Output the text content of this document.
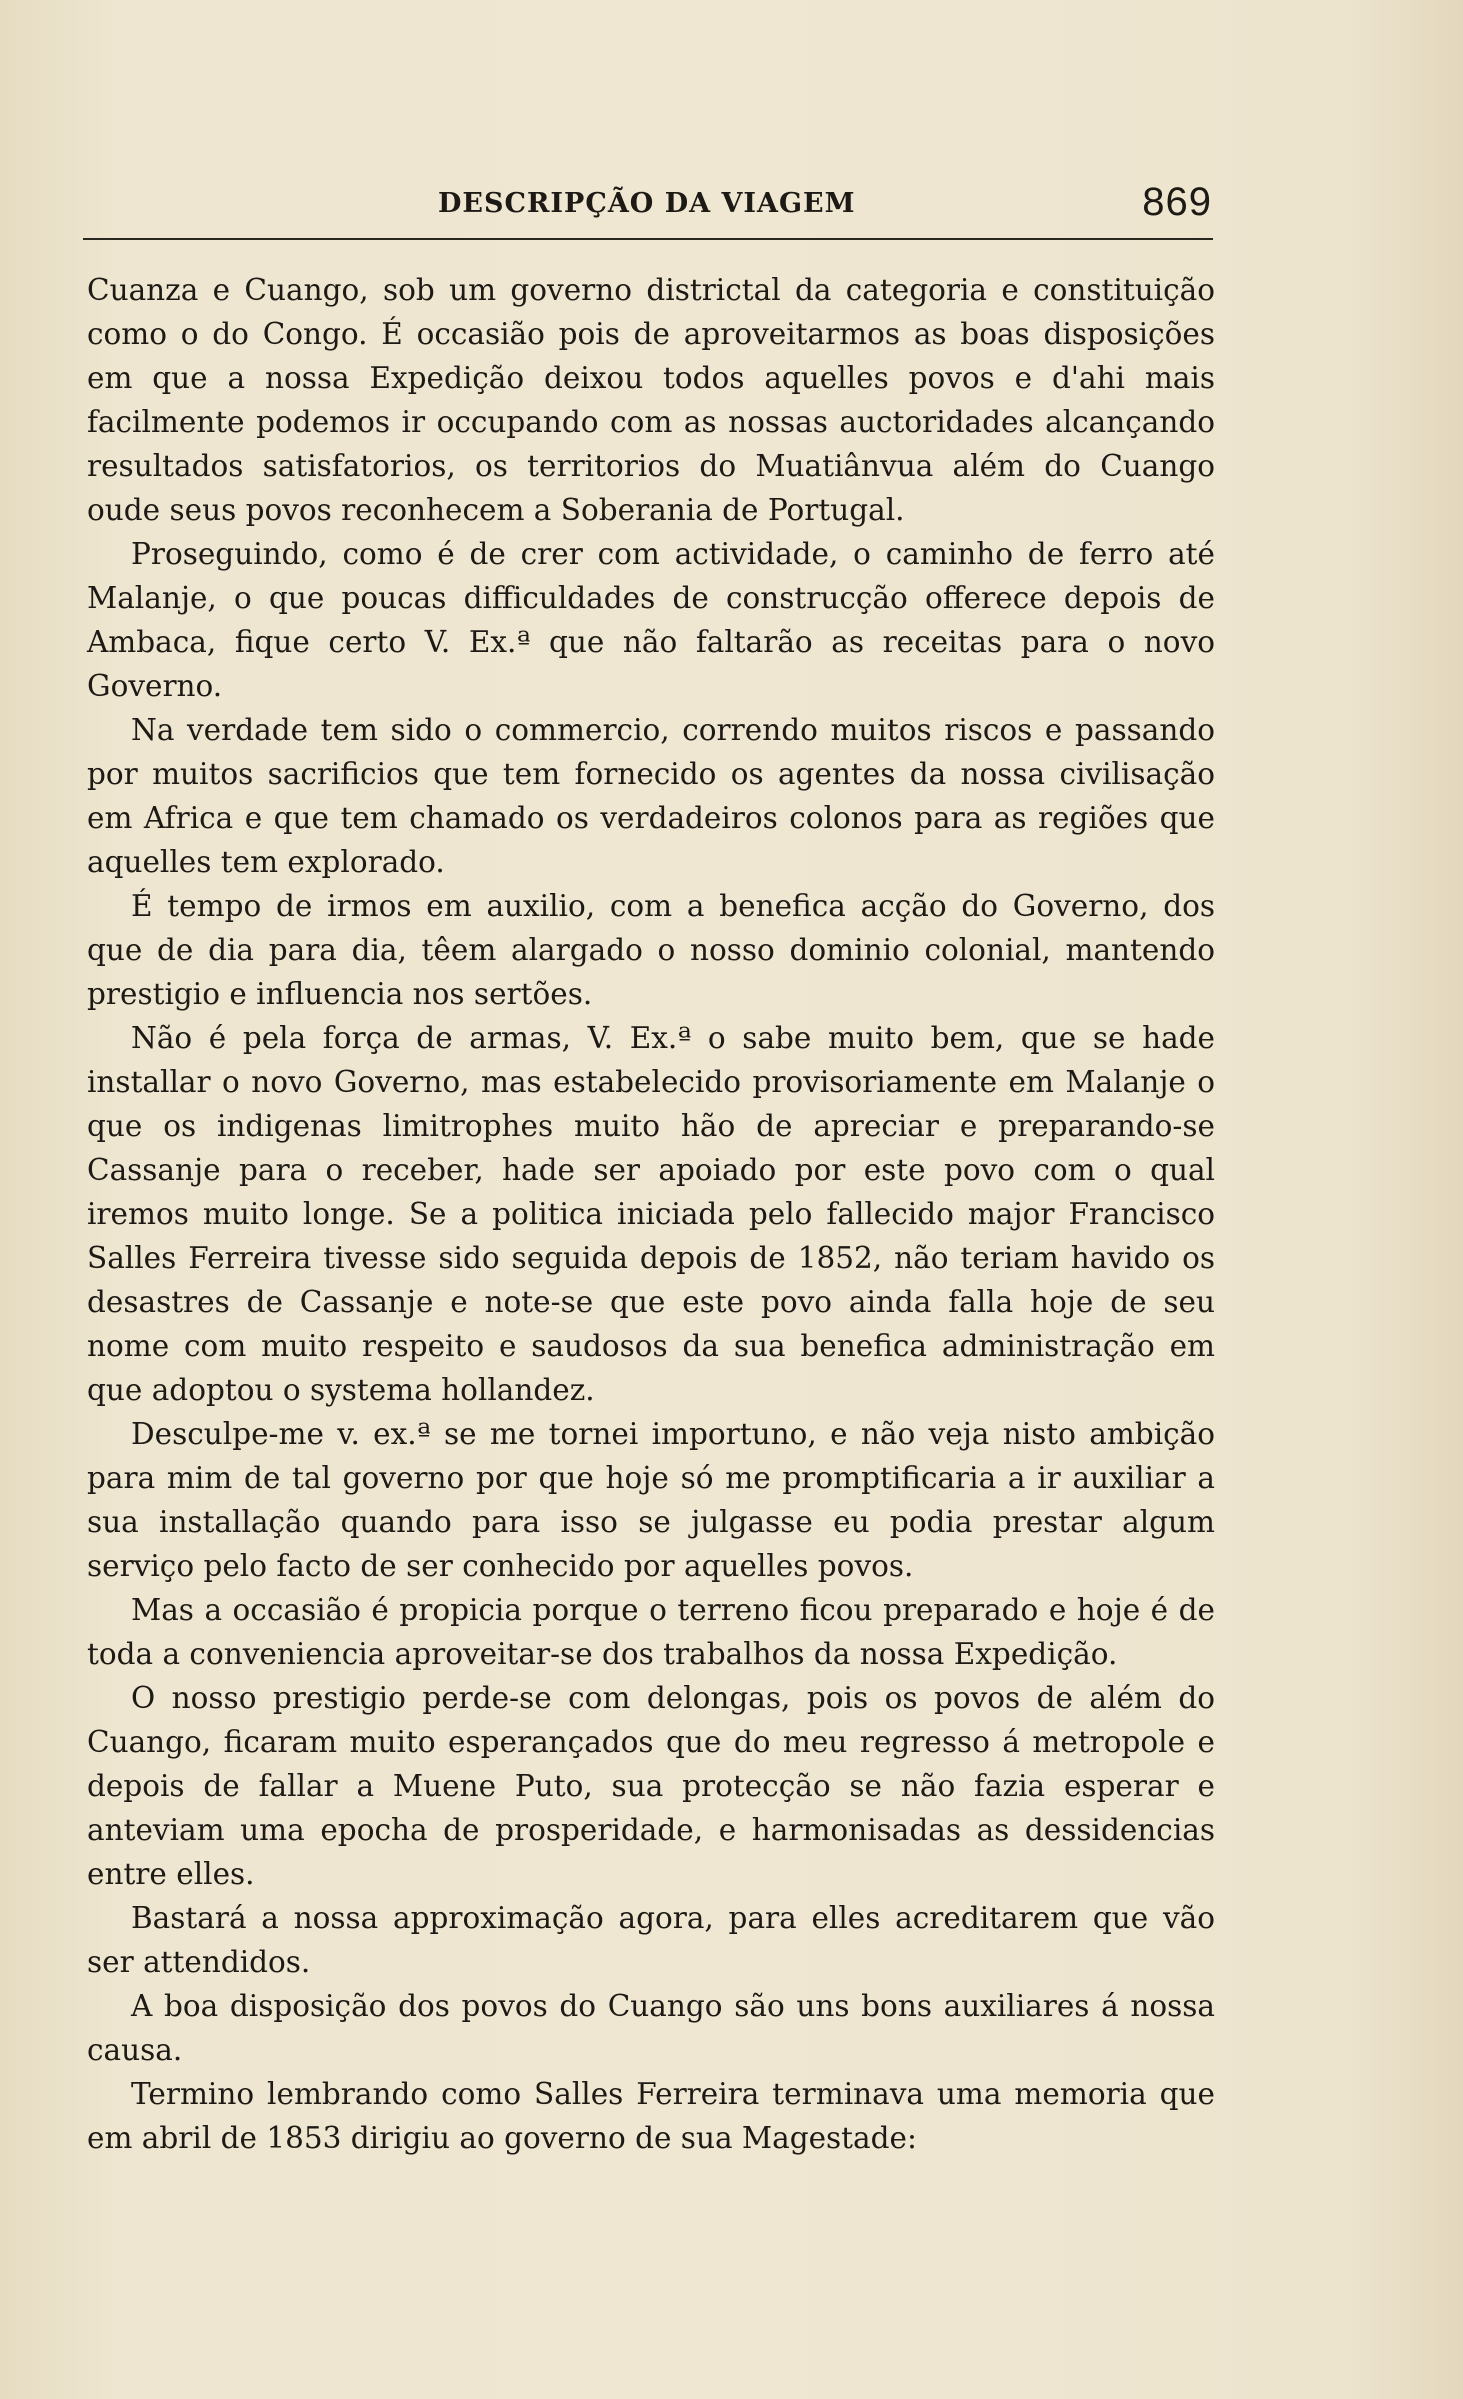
DESCRIPÇÃO DA VIAGEM	869

Cuanza e Cuango, sob um governo districtal da categoria e constituição como o do Congo. É occasião pois de aproveitarmos as boas disposições em que a nossa Expedição deixou todos aquelles povos e d'ahi mais facilmente podemos ir occupando com as nossas auctoridades alcançando resultados satisfatorios, os territorios do Muatiânvua além do Cuango oude seus povos reconhecem a Soberania de Portugal.

Proseguindo, como é de crer com actividade, o caminho de ferro até Malanje, o que poucas difficuldades de construcção offerece depois de Ambaca, fique certo V. Ex.ª que não faltarão as receitas para o novo Governo.

Na verdade tem sido o commercio, correndo muitos riscos e passando por muitos sacrificios que tem fornecido os agentes da nossa civilisação em Africa e que tem chamado os verdadeiros colonos para as regiões que aquelles tem explorado.

É tempo de irmos em auxilio, com a benefica acção do Governo, dos que de dia para dia, têem alargado o nosso dominio colonial, mantendo prestigio e influencia nos sertões.

Não é pela força de armas, V. Ex.ª o sabe muito bem, que se hade installar o novo Governo, mas estabelecido provisoriamente em Malanje o que os indigenas limitrophes muito hão de apreciar e preparando-se Cassanje para o receber, hade ser apoiado por este povo com o qual iremos muito longe. Se a politica iniciada pelo fallecido major Francisco Salles Ferreira tivesse sido seguida depois de 1852, não teriam havido os desastres de Cassanje e note-se que este povo ainda falla hoje de seu nome com muito respeito e saudosos da sua benefica administração em que adoptou o systema hollandez.

Desculpe-me v. ex.ª se me tornei importuno, e não veja nisto ambição para mim de tal governo por que hoje só me promptificaria a ir auxiliar a sua installação quando para isso se julgasse eu podia prestar algum serviço pelo facto de ser conhecido por aquelles povos.

Mas a occasião é propicia porque o terreno ficou preparado e hoje é de toda a conveniencia aproveitar-se dos trabalhos da nossa Expedição.

O nosso prestigio perde-se com delongas, pois os povos de além do Cuango, ficaram muito esperançados que do meu regresso á metropole e depois de fallar a Muene Puto, sua protecção se não fazia esperar e anteviam uma epocha de prosperidade, e harmonisadas as dessidencias entre elles.

Bastará a nossa approximação agora, para elles acreditarem que vão ser attendidos.

A boa disposição dos povos do Cuango são uns bons auxiliares á nossa causa.

Termino lembrando como Salles Ferreira terminava uma memoria que em abril de 1853 dirigiu ao governo de sua Magestade:
